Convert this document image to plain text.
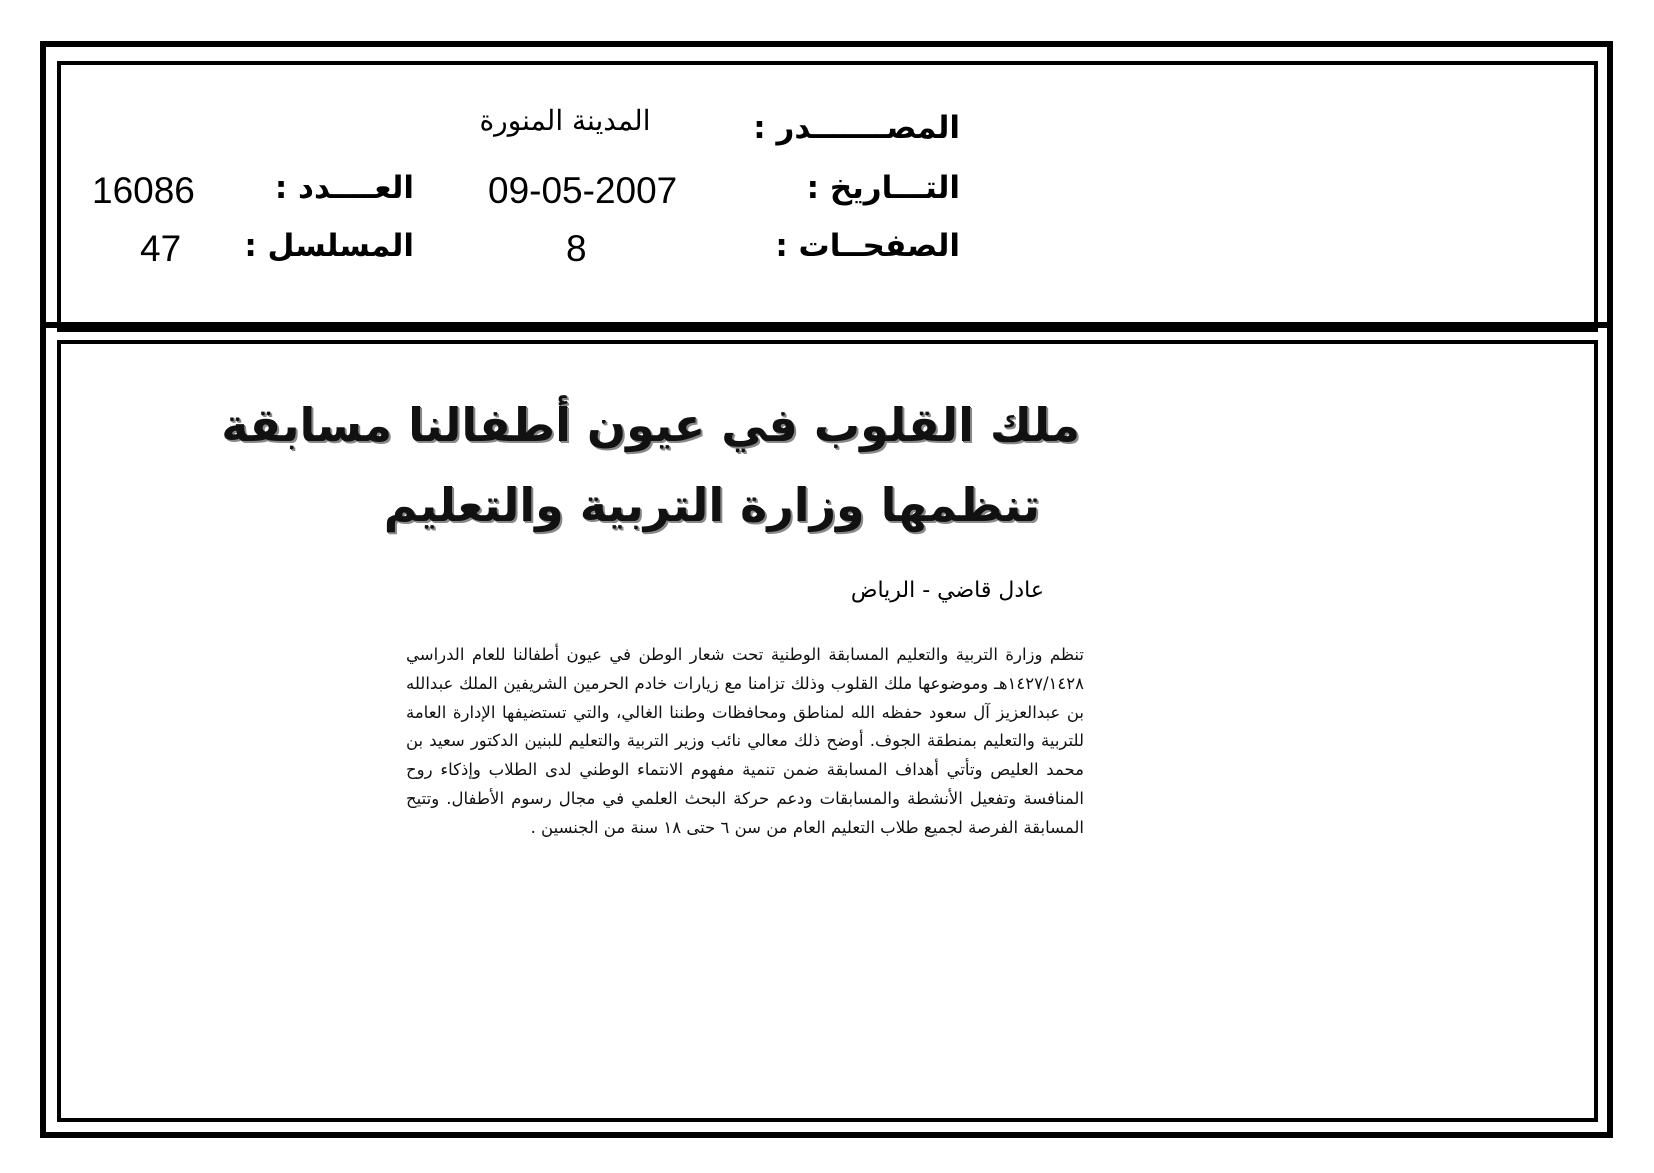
المصـــــــدر :
المدينة المنورة
التـــاريخ :
09-05-2007
الصفحــات :
8
العــــدد :
16086
المسلسل :
47
ملك القلوب في عيون أطفالنا مسابقة
تنظمها وزارة التربية والتعليم
عادل قاضي - الرياض
تنظم وزارة التربية والتعليم المسابقة الوطنية تحت شعار الوطن في عيون أطفالنا للعام الدراسي ١٤٢٧/١٤٢٨هـ وموضوعها ملك القلوب وذلك تزامنا مع زيارات خادم الحرمين الشريفين الملك عبدالله بن عبدالعزيز آل سعود حفظه الله لمناطق ومحافظات وطننا الغالي، والتي تستضيفها الإدارة العامة للتربية والتعليم بمنطقة الجوف. أوضح ذلك معالي نائب وزير التربية والتعليم للبنين الدكتور سعيد بن محمد العليص وتأتي أهداف المسابقة ضمن تنمية مفهوم الانتماء الوطني لدى الطلاب وإذكاء روح المنافسة وتفعيل الأنشطة والمسابقات ودعم حركة البحث العلمي في مجال رسوم الأطفال. وتتيح المسابقة الفرصة لجميع طلاب التعليم العام من سن ٦ حتى ١٨ سنة من الجنسين .
